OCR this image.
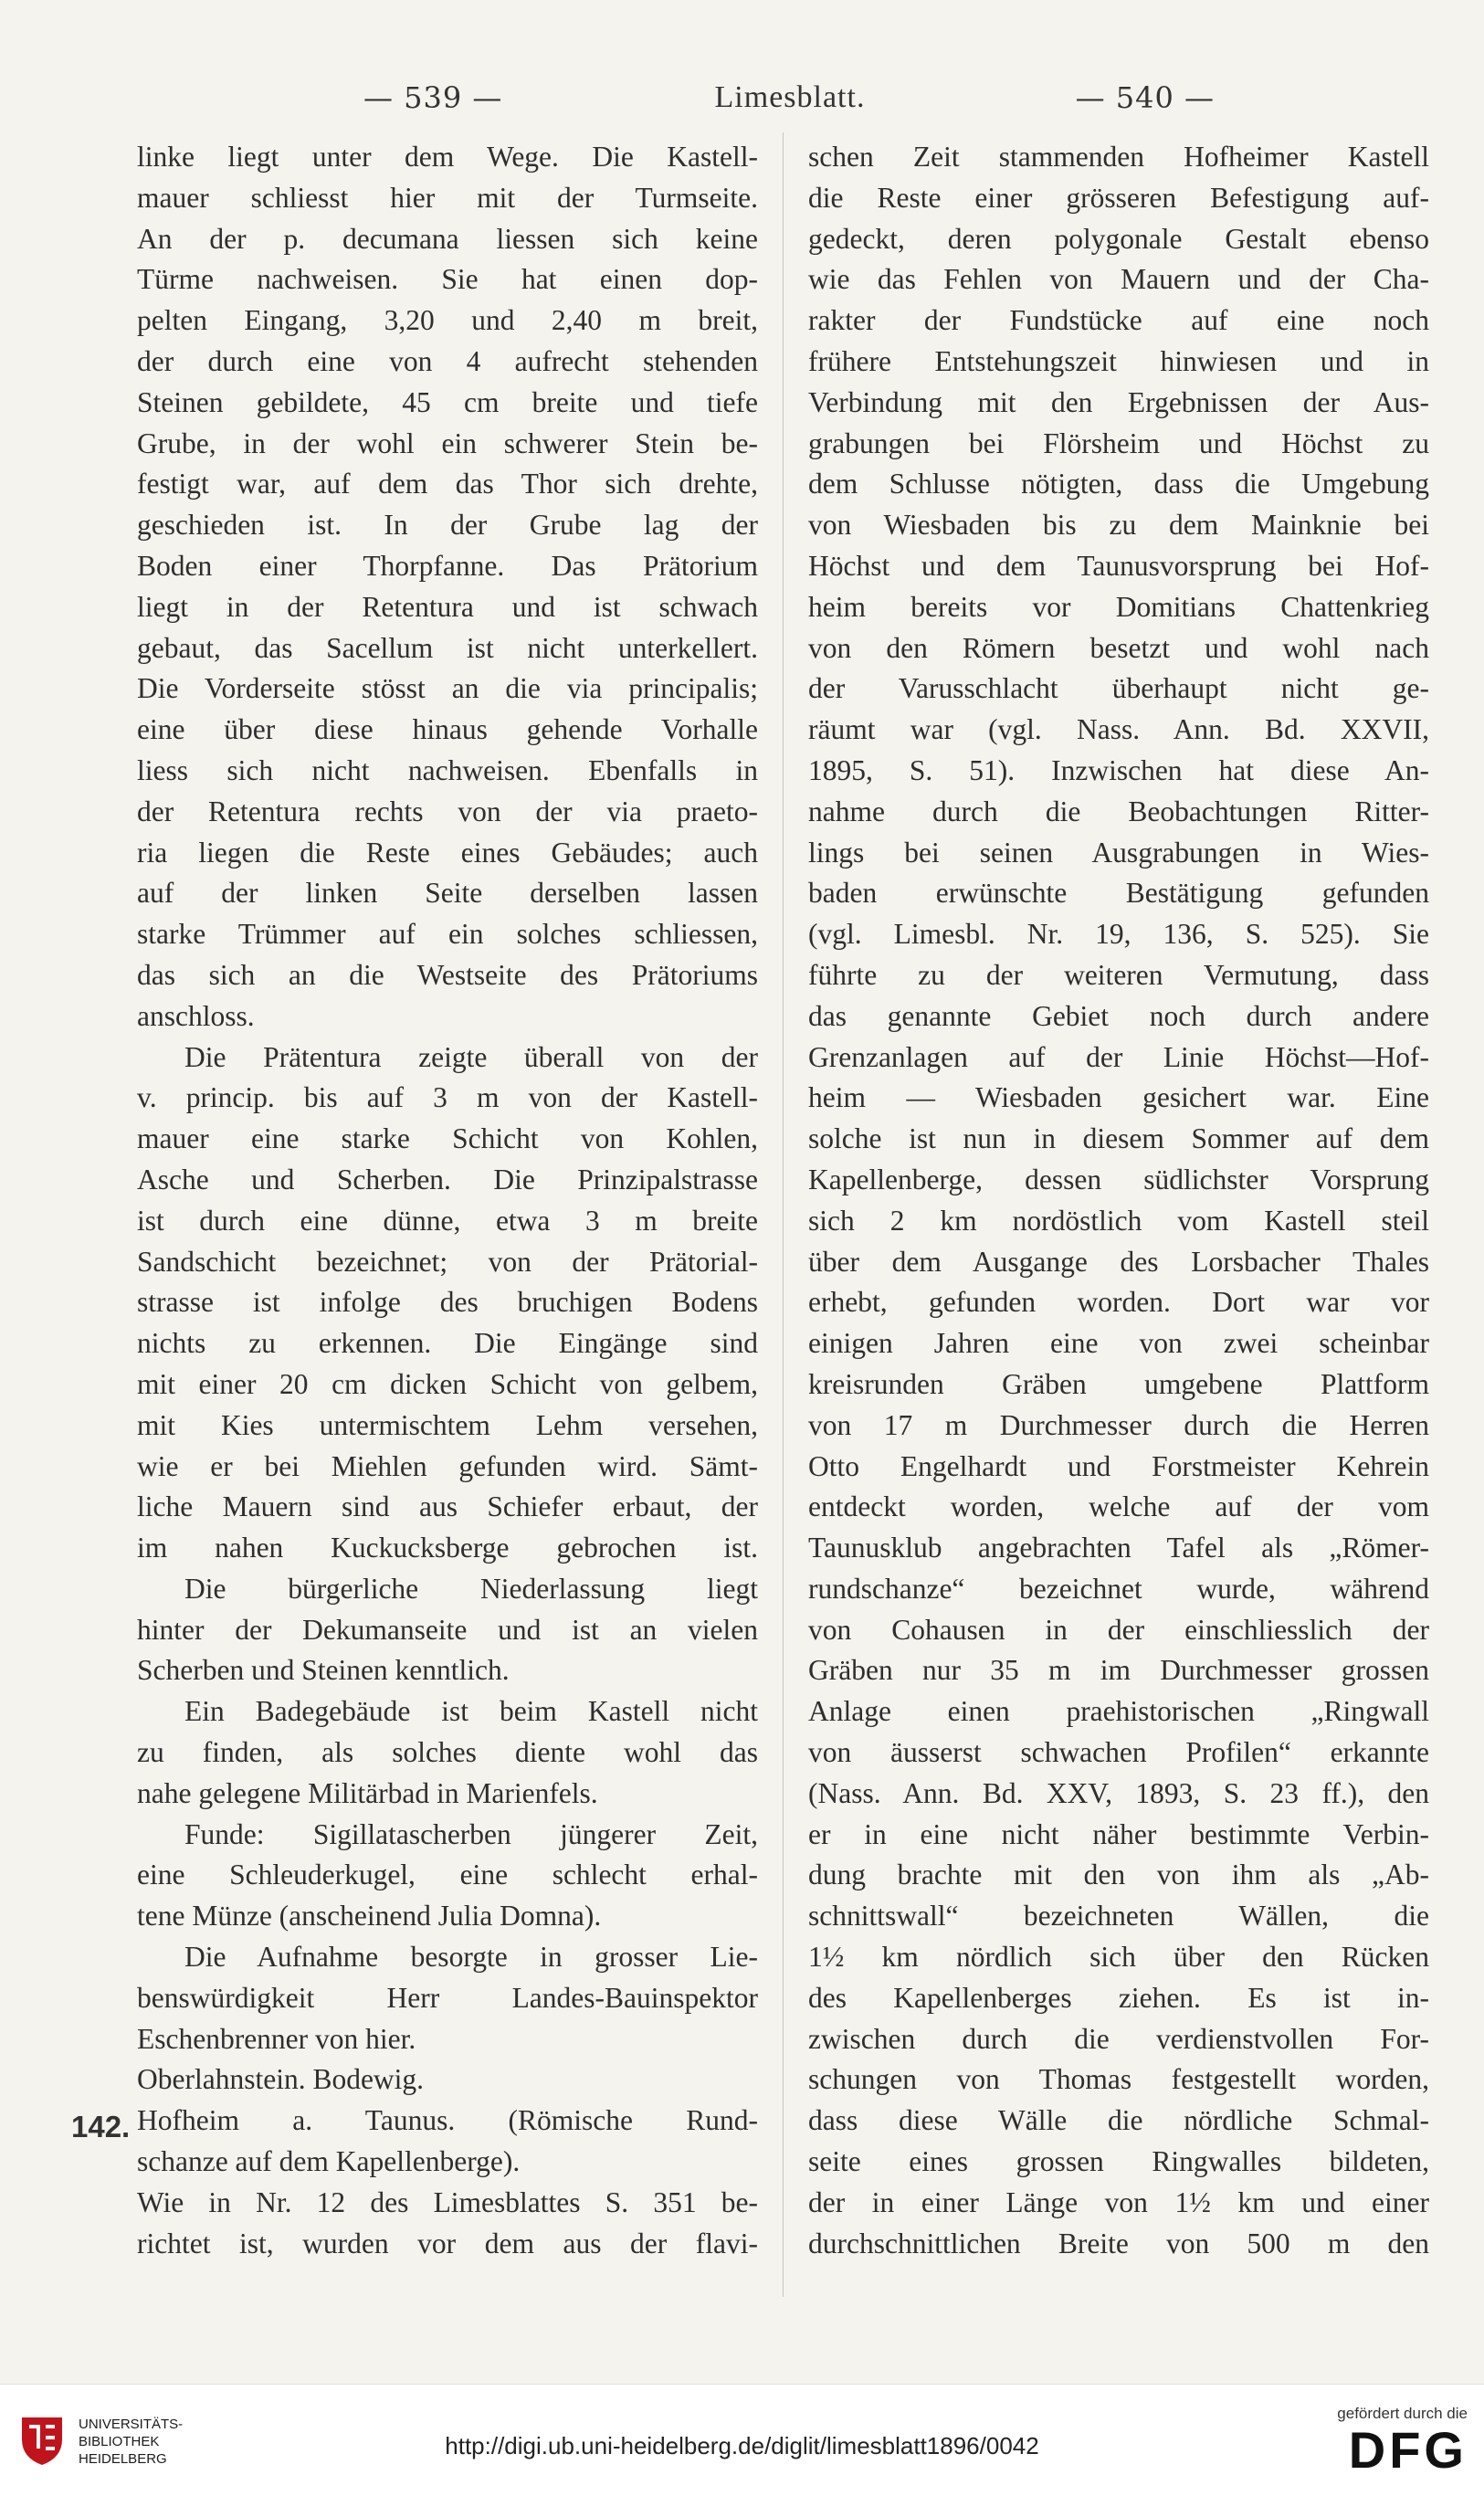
— 539 —	Limesblatt.	— 540 —
linke liegt unter dem Wege. Die Kastell-
mauer schliesst hier mit der Turmseite.
An der p. decumana liessen sich keine
Türme nachweisen. Sie hat einen dop-
pelten Eingang, 3,20 und 2,40 m breit,
der durch eine von 4 aufrecht stehenden
Steinen gebildete, 45 cm breite und tiefe
Grube, in der wohl ein schwerer Stein be-
festigt war, auf dem das Thor sich drehte,
geschieden ist. In der Grube lag der
Boden einer Thorpfanne. Das Prätorium
liegt in der Retentura und ist schwach
gebaut, das Sacellum ist nicht unterkellert.
Die Vorderseite stösst an die via principalis;
eine über diese hinaus gehende Vorhalle
liess sich nicht nachweisen. Ebenfalls in
der Retentura rechts von der via praeto-
ria liegen die Reste eines Gebäudes; auch
auf der linken Seite derselben lassen
starke Trümmer auf ein solches schliessen,
das sich an die Westseite des Prätoriums
anschloss.
Die Prätentura zeigte überall von der
v. princip. bis auf 3 m von der Kastell-
mauer eine starke Schicht von Kohlen,
Asche und Scherben. Die Prinzipalstrasse
ist durch eine dünne, etwa 3 m breite
Sandschicht bezeichnet; von der Prätorial-
strasse ist infolge des bruchigen Bodens
nichts zu erkennen. Die Eingänge sind
mit einer 20 cm dicken Schicht von gelbem,
mit Kies untermischtem Lehm versehen,
wie er bei Miehlen gefunden wird. Sämt-
liche Mauern sind aus Schiefer erbaut, der
im nahen Kuckucksberge gebrochen ist.
Die bürgerliche Niederlassung liegt
hinter der Dekumanseite und ist an vielen
Scherben und Steinen kenntlich.
Ein Badegebäude ist beim Kastell nicht
zu finden, als solches diente wohl das
nahe gelegene Militärbad in Marienfels.
Funde: Sigillatascherben jüngerer Zeit,
eine Schleuderkugel, eine schlecht erhal-
tene Münze (anscheinend Julia Domna).
Die Aufnahme besorgte in grosser Lie-
benswürdigkeit Herr Landes-Bauinspektor
Eschenbrenner von hier.
Oberlahnstein. Bodewig.
Hofheim a. Taunus. (Römische Rund-
schanze auf dem Kapellenberge).
Wie in Nr. 12 des Limesblattes S. 351 be-
richtet ist, wurden vor dem aus der flavi-
schen Zeit stammenden Hofheimer Kastell
die Reste einer grösseren Befestigung auf-
gedeckt, deren polygonale Gestalt ebenso
wie das Fehlen von Mauern und der Cha-
rakter der Fundstücke auf eine noch
frühere Entstehungszeit hinwiesen und in
Verbindung mit den Ergebnissen der Aus-
grabungen bei Flörsheim und Höchst zu
dem Schlusse nötigten, dass die Umgebung
von Wiesbaden bis zu dem Mainknie bei
Höchst und dem Taunusvorsprung bei Hof-
heim bereits vor Domitians Chattenkrieg
von den Römern besetzt und wohl nach
der Varusschlacht überhaupt nicht ge-
räumt war (vgl. Nass. Ann. Bd. XXVII,
1895, S. 51). Inzwischen hat diese An-
nahme durch die Beobachtungen Ritter-
lings bei seinen Ausgrabungen in Wies-
baden erwünschte Bestätigung gefunden
(vgl. Limesbl. Nr. 19, 136, S. 525). Sie
führte zu der weiteren Vermutung, dass
das genannte Gebiet noch durch andere
Grenzanlagen auf der Linie Höchst—Hof-
heim — Wiesbaden gesichert war. Eine
solche ist nun in diesem Sommer auf dem
Kapellenberge, dessen südlichster Vorsprung
sich 2 km nordöstlich vom Kastell steil
über dem Ausgange des Lorsbacher Thales
erhebt, gefunden worden. Dort war vor
einigen Jahren eine von zwei scheinbar
kreisrunden Gräben umgebene Plattform
von 17 m Durchmesser durch die Herren
Otto Engelhardt und Forstmeister Kehrein
entdeckt worden, welche auf der vom
Taunusklub angebrachten Tafel als „Römer-
rundschanze“ bezeichnet wurde, während
von Cohausen in der einschliesslich der
Gräben nur 35 m im Durchmesser grossen
Anlage einen praehistorischen „Ringwall
von äusserst schwachen Profilen“ erkannte
(Nass. Ann. Bd. XXV, 1893, S. 23 ff.), den
er in eine nicht näher bestimmte Verbin-
dung brachte mit den von ihm als „Ab-
schnittswall“ bezeichneten Wällen, die
1½ km nördlich sich über den Rücken
des Kapellenberges ziehen. Es ist in-
zwischen durch die verdienstvollen For-
schungen von Thomas festgestellt worden,
dass diese Wälle die nördliche Schmal-
seite eines grossen Ringwalles bildeten,
der in einer Länge von 1½ km und einer
durchschnittlichen Breite von 500 m den
142.
UNIVERSITÄTS-
BIBLIOTHEK
HEIDELBERG	http://digi.ub.uni-heidelberg.de/diglit/limesblatt1896/0042
gefördert durch die
DFG
